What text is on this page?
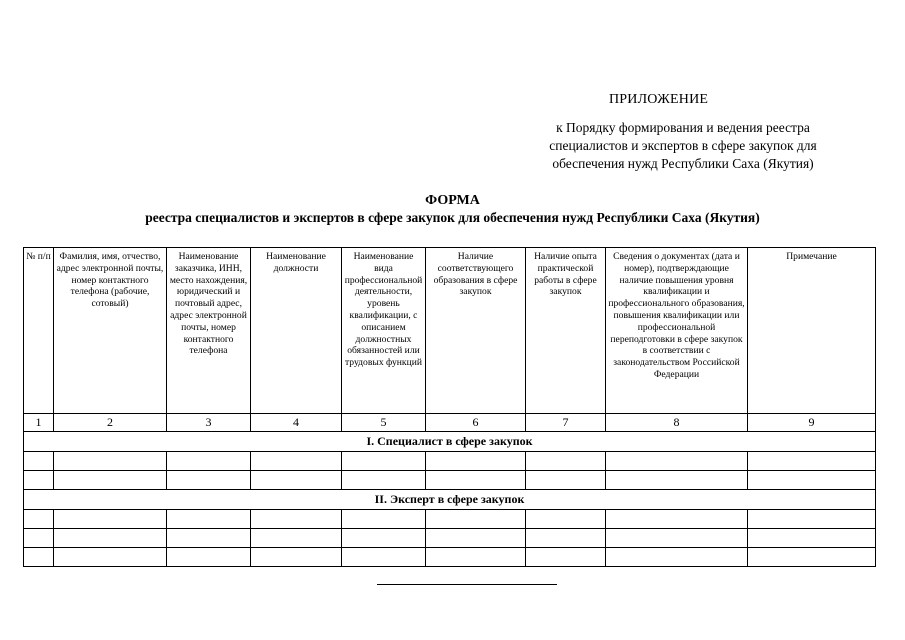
ПРИЛОЖЕНИЕ
к Порядку формирования и ведения реестра специалистов и экспертов в сфере закупок для обеспечения нужд Республики Саха (Якутия)
ФОРМА
реестра специалистов и экспертов в сфере закупок для обеспечения нужд Республики Саха (Якутия)
№ п/п	Фамилия, имя, отчество, адрес электронной почты, номер контактного телефона (рабочие, сотовый)	Наименование заказчика, ИНН, место нахождения, юридический и почтовый адрес, адрес электронной почты, номер контактного телефона	Наименование должности	Наименование вида профессиональной деятельности, уровень квалификации, с описанием должностных обязанностей или трудовых функций	Наличие соответствующего образования в сфере закупок	Наличие опыта практической работы в сфере закупок	Сведения о документах (дата и номер), подтверждающие наличие повышения уровня квалификации и профессионального образования, повышения квалификации или профессиональной переподготовки в сфере закупок в соответствии с законодательством Российской Федерации	Примечание

1	2	3	4	5	6	7	8	9
I. Специалист в сфере закупок								

II. Эксперт в сфере закупок								
